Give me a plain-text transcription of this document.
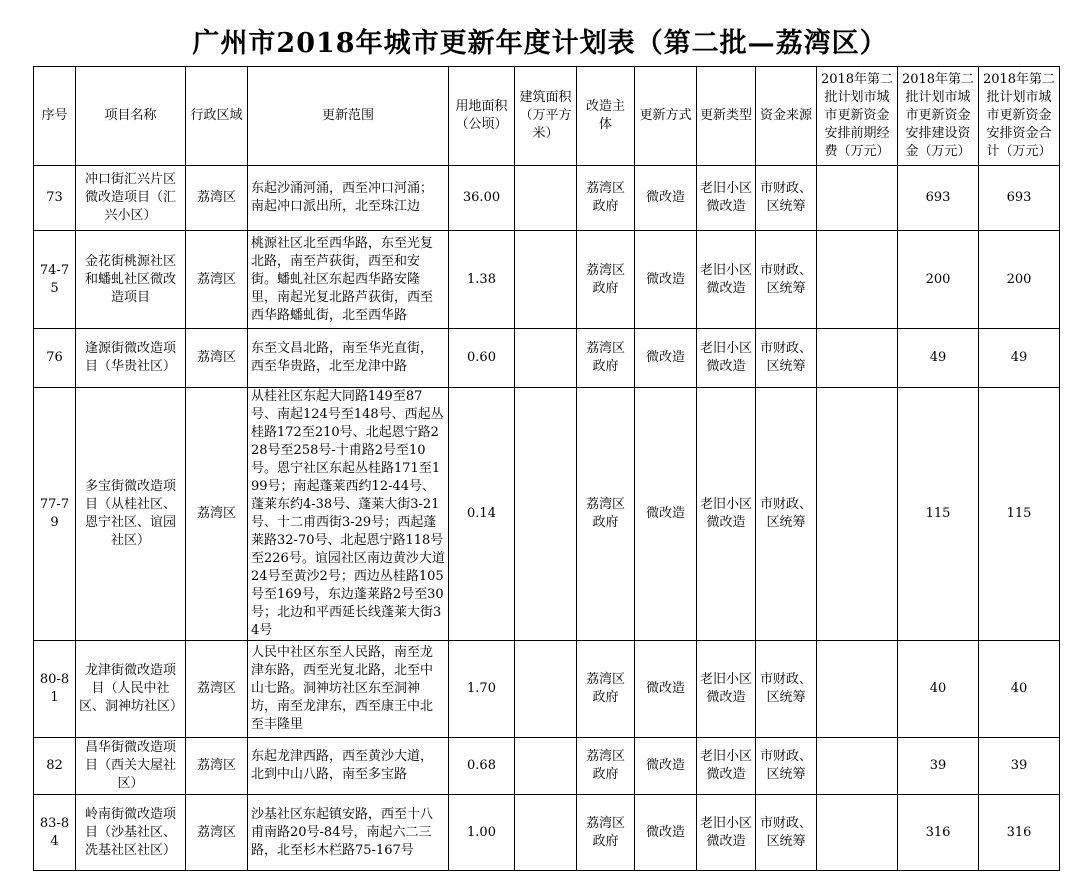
广州市2018年城市更新年度计划表（第二批—荔湾区）
序号	项目名称	行政区域	更新范围	用地面积（公顷）	建筑面积（万平方米）	改造主体	更新方式	更新类型	资金来源	2018年第二批计划市城市更新资金安排前期经费（万元）	2018年第二批计划市城市更新资金安排建设资金（万元）	2018年第二批计划市城市更新资金安排资金合计（万元）
73	冲口街汇兴片区微改造项目（汇兴小区）	荔湾区	东起沙涌河涌，西至冲口河涌；南起冲口派出所，北至珠江边	36.00		荔湾区政府	微改造	老旧小区微改造	市财政、区统筹		693	693
74-75	金花街桃源社区和蟠虬社区微改造项目	荔湾区	桃源社区北至西华路，东至光复北路，南至芦荻街，西至和安街。蟠虬社区东起西华路安隆里，南起光复北路芦荻街，西至西华路蟠虬街，北至西华路	1.38		荔湾区政府	微改造	老旧小区微改造	市财政、区统筹		200	200
76	逢源街微改造项目（华贵社区）	荔湾区	东至文昌北路，南至华光直街，西至华贵路，北至龙津中路	0.60		荔湾区政府	微改造	老旧小区微改造	市财政、区统筹		49	49
77-79	多宝街微改造项目（从桂社区、恩宁社区、谊园社区）	荔湾区	从桂社区东起大同路149至87号、南起124号至148号、西起丛桂路172至210号、北起恩宁路228号至258号-十甫路2号至10号。恩宁社区东起丛桂路171至199号；南起蓬莱西约12-44号、蓬莱东约4-38号、蓬莱大街3-21号、十二甫西街3-29号；西起蓬莱路32-70号、北起恩宁路118号至226号。谊园社区南边黄沙大道24号至黄沙2号；西边丛桂路105号至169号，东边蓬莱路2号至30号；北边和平西延长线蓬莱大街34号	0.14		荔湾区政府	微改造	老旧小区微改造	市财政、区统筹		115	115
80-81	龙津街微改造项目（人民中社区、洞神坊社区）	荔湾区	人民中社区东至人民路，南至龙津东路，西至光复北路，北至中山七路。洞神坊社区东至洞神坊，南至龙津东，西至康王中北至丰隆里	1.70		荔湾区政府	微改造	老旧小区微改造	市财政、区统筹		40	40
82	昌华街微改造项目（西关大屋社区）	荔湾区	东起龙津西路，西至黄沙大道，北到中山八路，南至多宝路	0.68		荔湾区政府	微改造	老旧小区微改造	市财政、区统筹		39	39
83-84	岭南街微改造项目（沙基社区、冼基社区社区）	荔湾区	沙基社区东起镇安路，西至十八甫南路20号-84号，南起六二三路，北至杉木栏路75-167号	1.00		荔湾区政府	微改造	老旧小区微改造	市财政、区统筹		316	316
